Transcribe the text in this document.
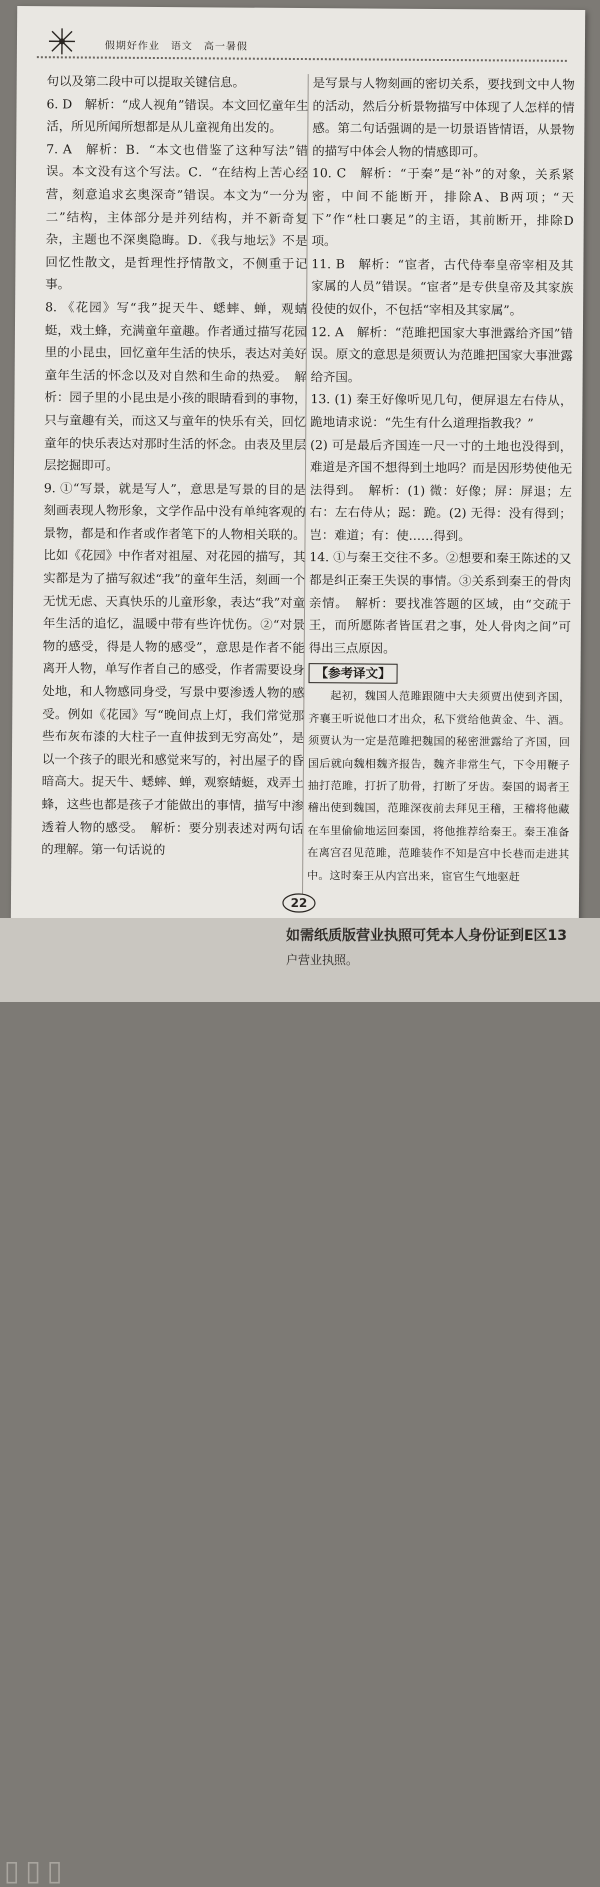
假期好作业　语文　高一暑假

句以及第二段中可以提取关键信息。

6. D　解析：“成人视角”错误。本文回忆童年生活，所见所闻所想都是从儿童视角出发的。

7. A　解析：B．“本文也借鉴了这种写法”错误。本文没有这个写法。C．“在结构上苦心经营，刻意追求玄奥深奇”错误。本文为“一分为二”结构，主体部分是并列结构，并不新奇复杂，主题也不深奥隐晦。D．《我与地坛》不是回忆性散文，是哲理性抒情散文，不侧重于记事。

8. 《花园》写“我”捉天牛、蟋蟀、蝉，观蜻蜓，戏土蜂，充满童年童趣。作者通过描写花园里的小昆虫，回忆童年生活的快乐，表达对美好童年生活的怀念以及对自然和生命的热爱。　解析：园子里的小昆虫是小孩的眼睛看到的事物，只与童趣有关，而这又与童年的快乐有关，回忆童年的快乐表达对那时生活的怀念。由表及里层层挖掘即可。

9. ①“写景，就是写人”，意思是写景的目的是刻画表现人物形象，文学作品中没有单纯客观的景物，都是和作者或作者笔下的人物相关联的。比如《花园》中作者对祖屋、对花园的描写，其实都是为了描写叙述“我”的童年生活，刻画一个无忧无虑、天真快乐的儿童形象，表达“我”对童年生活的追忆，温暖中带有些许忧伤。②“对景物的感受，得是人物的感受”，意思是作者不能离开人物，单写作者自己的感受，作者需要设身处地，和人物感同身受，写景中要渗透人物的感受。例如《花园》写“晚间点上灯，我们常觉那些布灰布漆的大柱子一直伸拔到无穷高处”，是以一个孩子的眼光和感觉来写的，衬出屋子的昏暗高大。捉天牛、蟋蟀、蝉，观察蜻蜓，戏弄土蜂，这些也都是孩子才能做出的事情，描写中渗透着人物的感受。　解析：要分别表述对两句话的理解。第一句话说的

是写景与人物刻画的密切关系，要找到文中人物的活动，然后分析景物描写中体现了人怎样的情感。第二句话强调的是一切景语皆情语，从景物的描写中体会人物的情感即可。

10. C　解析：“于秦”是“补”的对象，关系紧密，中间不能断开，排除A、B两项；“天下”作“杜口裹足”的主语，其前断开，排除D项。

11. B　解析：“宦者，古代侍奉皇帝宰相及其家属的人员”错误。“宦者”是专供皇帝及其家族役使的奴仆，不包括“宰相及其家属”。

12. A　解析：“范雎把国家大事泄露给齐国”错误。原文的意思是须贾认为范雎把国家大事泄露给齐国。

13. (1) 秦王好像听见几句，便屏退左右侍从，跪地请求说：“先生有什么道理指教我？”

(2) 可是最后齐国连一尺一寸的土地也没得到，难道是齐国不想得到土地吗？而是因形势使他无法得到。　解析：(1) 微：好像；屏：屏退；左右：左右侍从；跽：跪。(2) 无得：没有得到；岂：难道；有：使……得到。

14. ①与秦王交往不多。②想要和秦王陈述的又都是纠正秦王失误的事情。③关系到秦王的骨肉亲情。　解析：要找准答题的区域，由“交疏于王，而所愿陈者皆匡君之事，处人骨肉之间”可得出三点原因。

【参考译文】

起初，魏国人范雎跟随中大夫须贾出使到齐国，齐襄王听说他口才出众，私下赏给他黄金、牛、酒。须贾认为一定是范雎把魏国的秘密泄露给了齐国，回国后就向魏相魏齐报告，魏齐非常生气，下令用鞭子抽打范雎，打折了肋骨，打断了牙齿。秦国的谒者王稽出使到魏国，范雎深夜前去拜见王稽，王稽将他藏在车里偷偷地运回秦国，将他推荐给秦王。秦王准备在离宫召见范雎，范雎装作不知是宫中长巷而走进其中。这时秦王从内宫出来，宦官生气地驱赶

22
▯▯▯
如需纸质版营业执照可凭本人身份证到E区13
户营业执照。
